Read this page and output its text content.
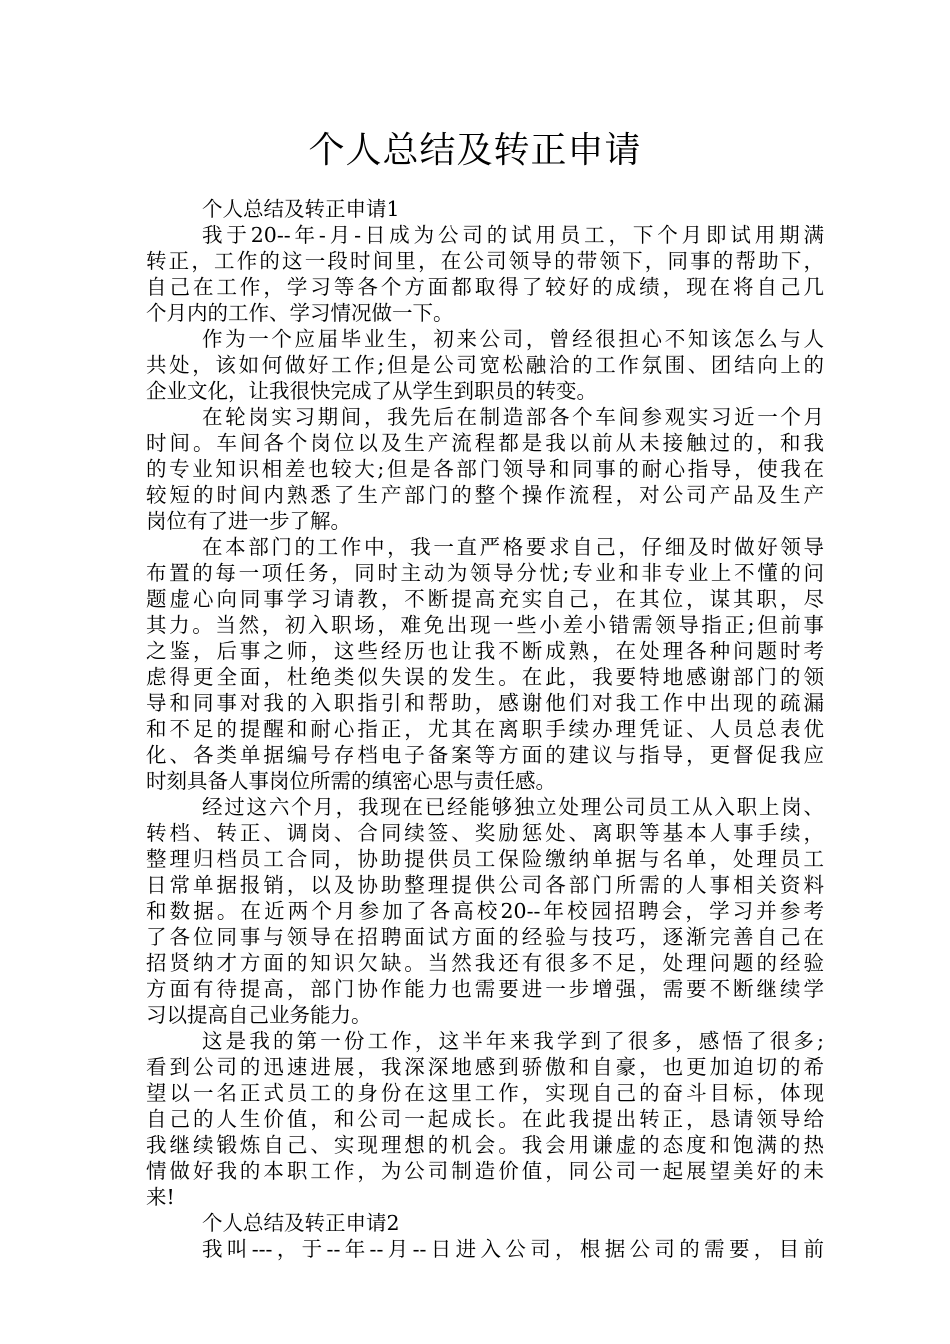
个人总结及转正申请
个人总结及转正申请1
我于20--年-月-日成为公司的试用员工，下个月即试用期满
转正，工作的这一段时间里，在公司领导的带领下，同事的帮助下，
自己在工作，学习等各个方面都取得了较好的成绩，现在将自己几
个月内的工作、学习情况做一下。
作为一个应届毕业生，初来公司，曾经很担心不知该怎么与人
共处，该如何做好工作;但是公司宽松融洽的工作氛围、团结向上的
企业文化，让我很快完成了从学生到职员的转变。
在轮岗实习期间，我先后在制造部各个车间参观实习近一个月
时间。车间各个岗位以及生产流程都是我以前从未接触过的，和我
的专业知识相差也较大;但是各部门领导和同事的耐心指导，使我在
较短的时间内熟悉了生产部门的整个操作流程，对公司产品及生产
岗位有了进一步了解。
在本部门的工作中，我一直严格要求自己，仔细及时做好领导
布置的每一项任务，同时主动为领导分忧;专业和非专业上不懂的问
题虚心向同事学习请教，不断提高充实自己，在其位，谋其职，尽
其力。当然，初入职场，难免出现一些小差小错需领导指正;但前事
之鉴，后事之师，这些经历也让我不断成熟，在处理各种问题时考
虑得更全面，杜绝类似失误的发生。在此，我要特地感谢部门的领
导和同事对我的入职指引和帮助，感谢他们对我工作中出现的疏漏
和不足的提醒和耐心指正，尤其在离职手续办理凭证、人员总表优
化、各类单据编号存档电子备案等方面的建议与指导，更督促我应
时刻具备人事岗位所需的缜密心思与责任感。
经过这六个月，我现在已经能够独立处理公司员工从入职上岗、
转档、转正、调岗、合同续签、奖励惩处、离职等基本人事手续，
整理归档员工合同，协助提供员工保险缴纳单据与名单，处理员工
日常单据报销，以及协助整理提供公司各部门所需的人事相关资料
和数据。在近两个月参加了各高校20--年校园招聘会，学习并参考
了各位同事与领导在招聘面试方面的经验与技巧，逐渐完善自己在
招贤纳才方面的知识欠缺。当然我还有很多不足，处理问题的经验
方面有待提高，部门协作能力也需要进一步增强，需要不断继续学
习以提高自己业务能力。
这是我的第一份工作，这半年来我学到了很多，感悟了很多;
看到公司的迅速进展，我深深地感到骄傲和自豪，也更加迫切的希
望以一名正式员工的身份在这里工作，实现自己的奋斗目标，体现
自己的人生价值，和公司一起成长。在此我提出转正，恳请领导给
我继续锻炼自己、实现理想的机会。我会用谦虚的态度和饱满的热
情做好我的本职工作，为公司制造价值，同公司一起展望美好的未
来!
个人总结及转正申请2
我叫---，于--年--月--日进入公司，根据公司的需要，目前
